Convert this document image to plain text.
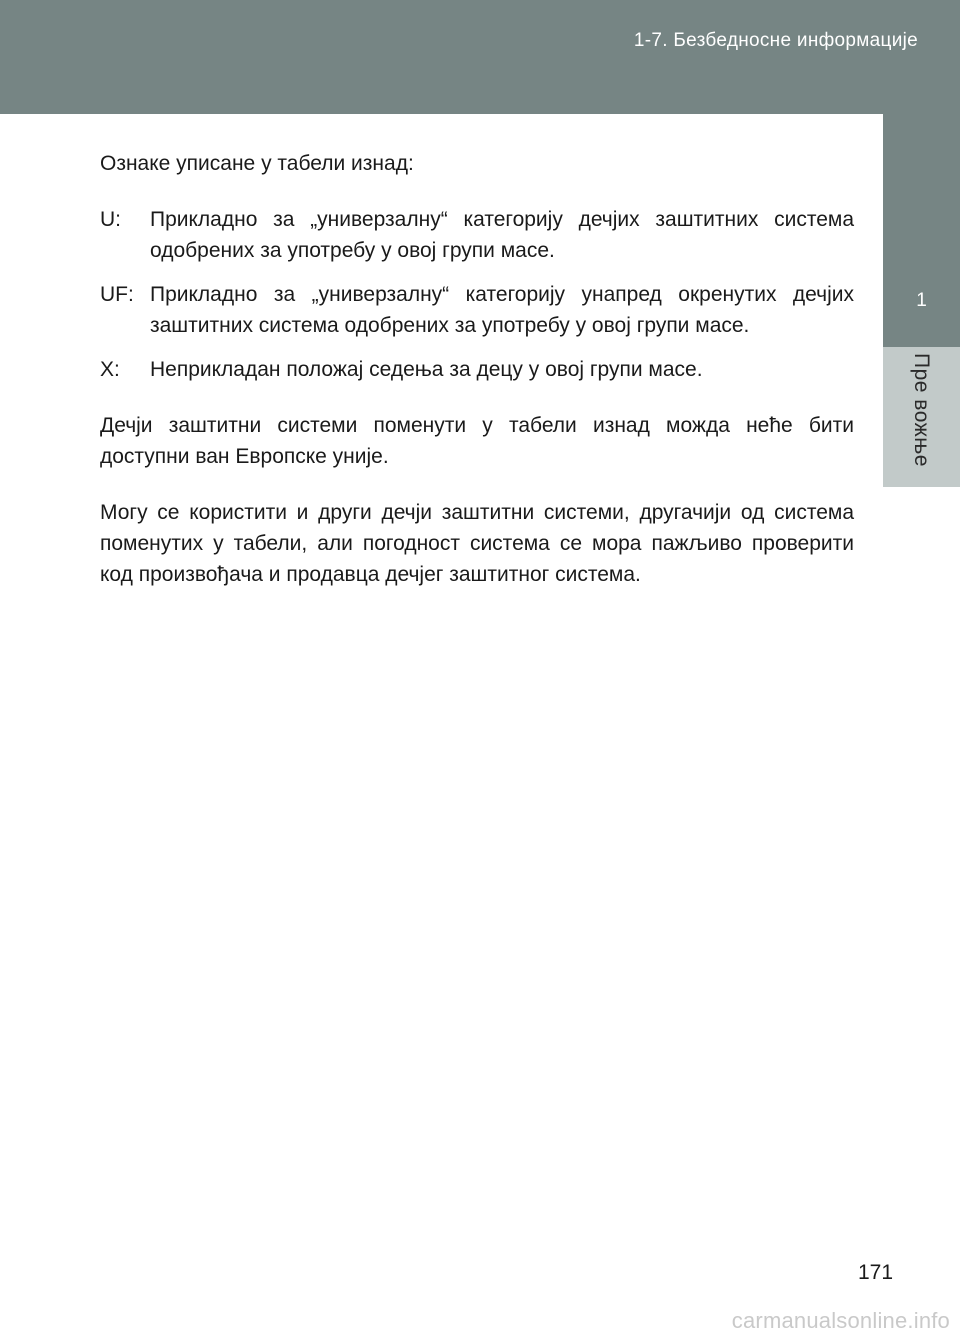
1-7. Безбедносне информације
1
Пре вожње

Ознаке уписане у табели изнад:

U:	Прикладно за „универзалну“ категорију дечјих заштитних система одобрених за употребу у овој групи масе.
UF: Прикладно за „универзалну“ категорију унапред окренутих дечјих заштитних система одобрених за употребу у овој групи масе.
X:	Неприкладан положај седења за децу у овој групи масе.

Дечји заштитни системи поменути у табели изнад можда неће бити доступни ван Европске уније.

Могу се користити и други дечји заштитни системи, другачији од система поменутих у табели, али погодност система се мора пажљиво проверити код произвођача и продавца дечјег заштитног система.

171
carmanualsonline.info
